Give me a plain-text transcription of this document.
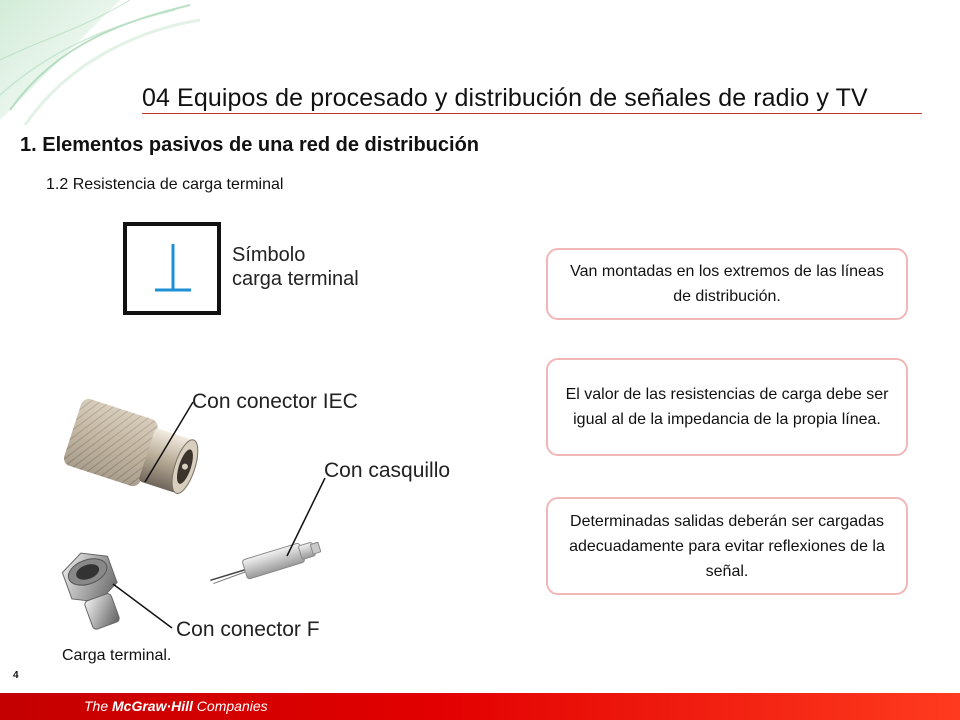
04 Equipos de procesado y distribución de señales de radio y TV
1. Elementos pasivos de una red de distribución
1.2 Resistencia de carga terminal
Símbolo
carga terminal
Con conector IEC
Con casquillo
Con conector F
Carga terminal.
Van montadas en los extremos de las líneas de distribución.
El valor de las resistencias de carga debe ser igual al de la impedancia de la propia línea.
Determinadas salidas deberán ser cargadas adecuadamente para evitar reflexiones de la señal.
4
The McGraw·Hill Companies
